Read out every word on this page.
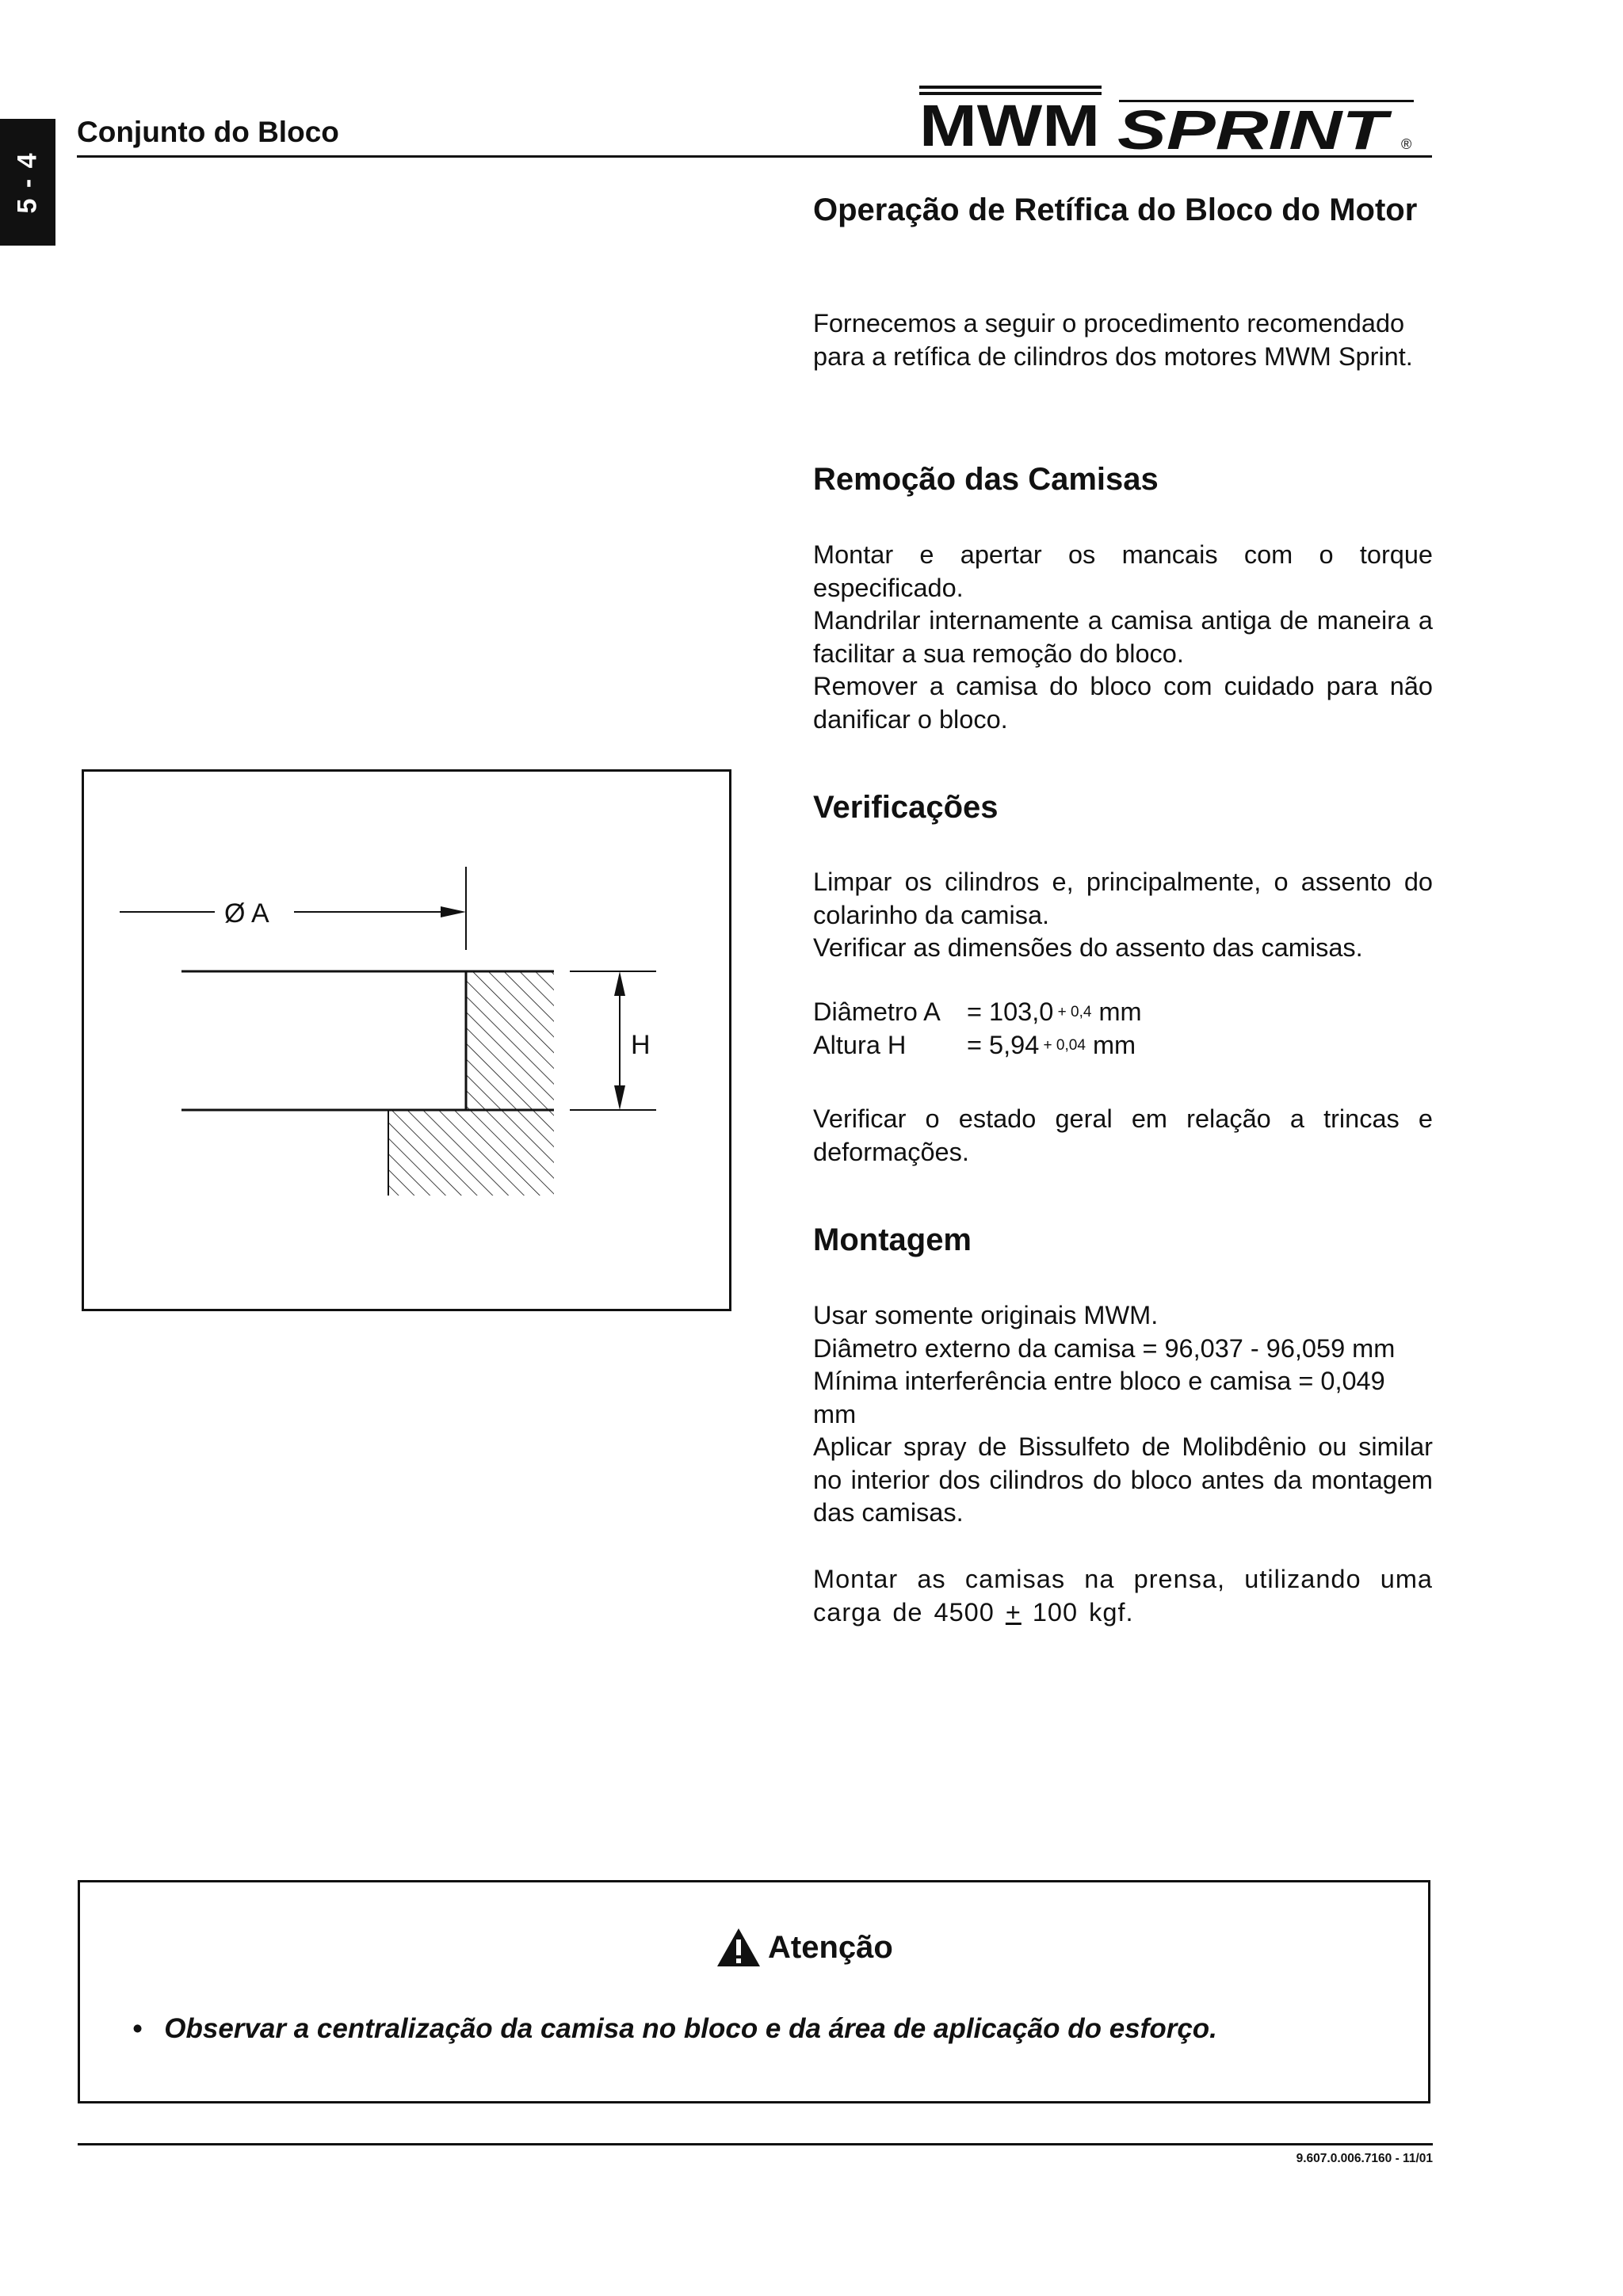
5 - 4
Conjunto do Bloco	MWM SPRINT ®
Operação de Retífica do Bloco do Motor

Fornecemos a seguir o procedimento recomendado para a retífica de cilindros dos motores MWM Sprint.

Remoção das Camisas

Montar e apertar os mancais com o torque especificado.

Mandrilar internamente a camisa antiga de maneira a facilitar a sua remoção do bloco.

Remover a camisa do bloco com cuidado para não danificar o bloco.

Verificações

Limpar os cilindros e, principalmente, o assento do colarinho da camisa.

Verificar as dimensões do assento das camisas.

Diâmetro A	= 103,0 + 0,4
mm
Altura H	= 5,94 + 0,04
mm

Verificar o estado geral em relação a trincas e deformações.

Montagem

Usar somente originais MWM.

Diâmetro externo da camisa = 96,037 - 96,059 mm

Mínima interferência entre bloco e camisa = 0,049 mm

Aplicar spray de Bissulfeto de Molibdênio ou similar no interior dos cilindros do bloco antes da montagem das camisas.

Montar as camisas na prensa, utilizando uma carga de 4500 + 100 kgf.

Ø A
H
Atenção
• Observar a centralização da camisa no bloco e da área de aplicação do esforço.
9.607.0.006.7160 - 11/01
